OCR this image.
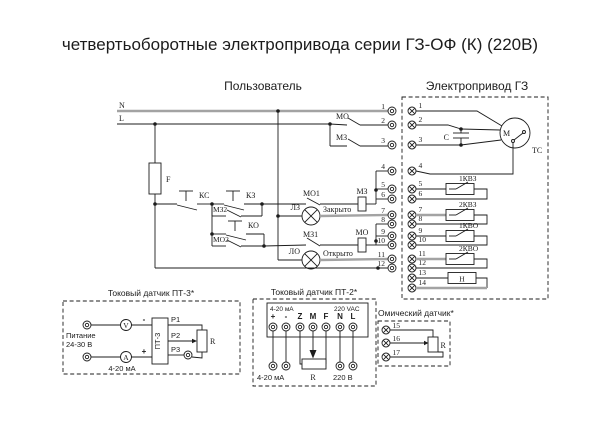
четвертьоборотные электропривода серии ГЗ-ОФ (К) (220В)
Пользователь	Электропривод ГЗ
N
L	МО
МЗ
F
КС	КЗ
МЗ2
МО1	МЗ
КО
МО2
МЗ1	МО
ЛЗ	Закрыто
ЛО	Открыто
1
2
3
4
5
6
7
8
9
10
11
12
1
2
3
4
5
6
7
8
9
10
11
12
13
14
C	М
ТС
1КВЗ
2КВЗ
1КВО
2КВО
Н
Омический датчик*
15
16
17
R
Токовый датчик ПТ-3*
Питание
24-30 В
V
-
А
+
4-20 мА
ПТ-3
Р1
Р2
Р3
R
Токовый датчик ПТ-2*
4-20 мА	220 VAC
+ - Z M F N L
4-20 мА	R 220 В
